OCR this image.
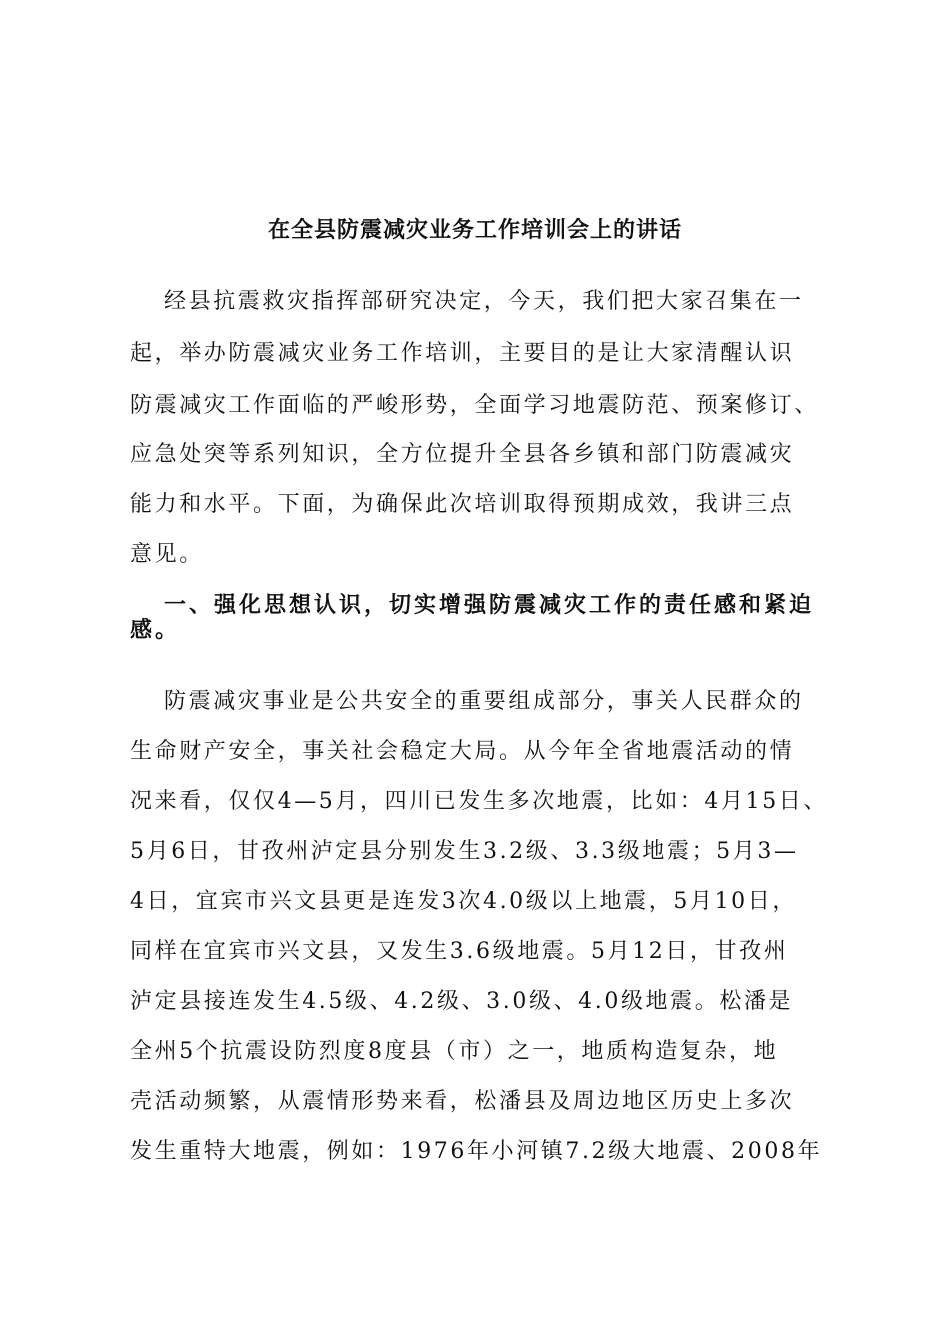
在全县防震减灾业务工作培训会上的讲话
经县抗震救灾指挥部研究决定，今天，我们把大家召集在一
起，举办防震减灾业务工作培训，主要目的是让大家清醒认识
防震减灾工作面临的严峻形势，全面学习地震防范、预案修订、
应急处突等系列知识，全方位提升全县各乡镇和部门防震减灾
能力和水平。下面，为确保此次培训取得预期成效，我讲三点
意见。
一、强化思想认识，切实增强防震减灾工作的责任感和紧迫
感。
防震减灾事业是公共安全的重要组成部分，事关人民群众的
生命财产安全，事关社会稳定大局。从今年全省地震活动的情
况来看，仅仅4—5月，四川已发生多次地震，比如：4月15日、
5月6日，甘孜州泸定县分别发生3.2级、3.3级地震；5月3—
4日，宜宾市兴文县更是连发3次4.0级以上地震，5月10日，
同样在宜宾市兴文县，又发生3.6级地震。5月12日，甘孜州
泸定县接连发生4.5级、4.2级、3.0级、4.0级地震。松潘是
全州5个抗震设防烈度8度县（市）之一，地质构造复杂，地
壳活动频繁，从震情形势来看，松潘县及周边地区历史上多次
发生重特大地震，例如：1976年小河镇7.2级大地震、2008年
